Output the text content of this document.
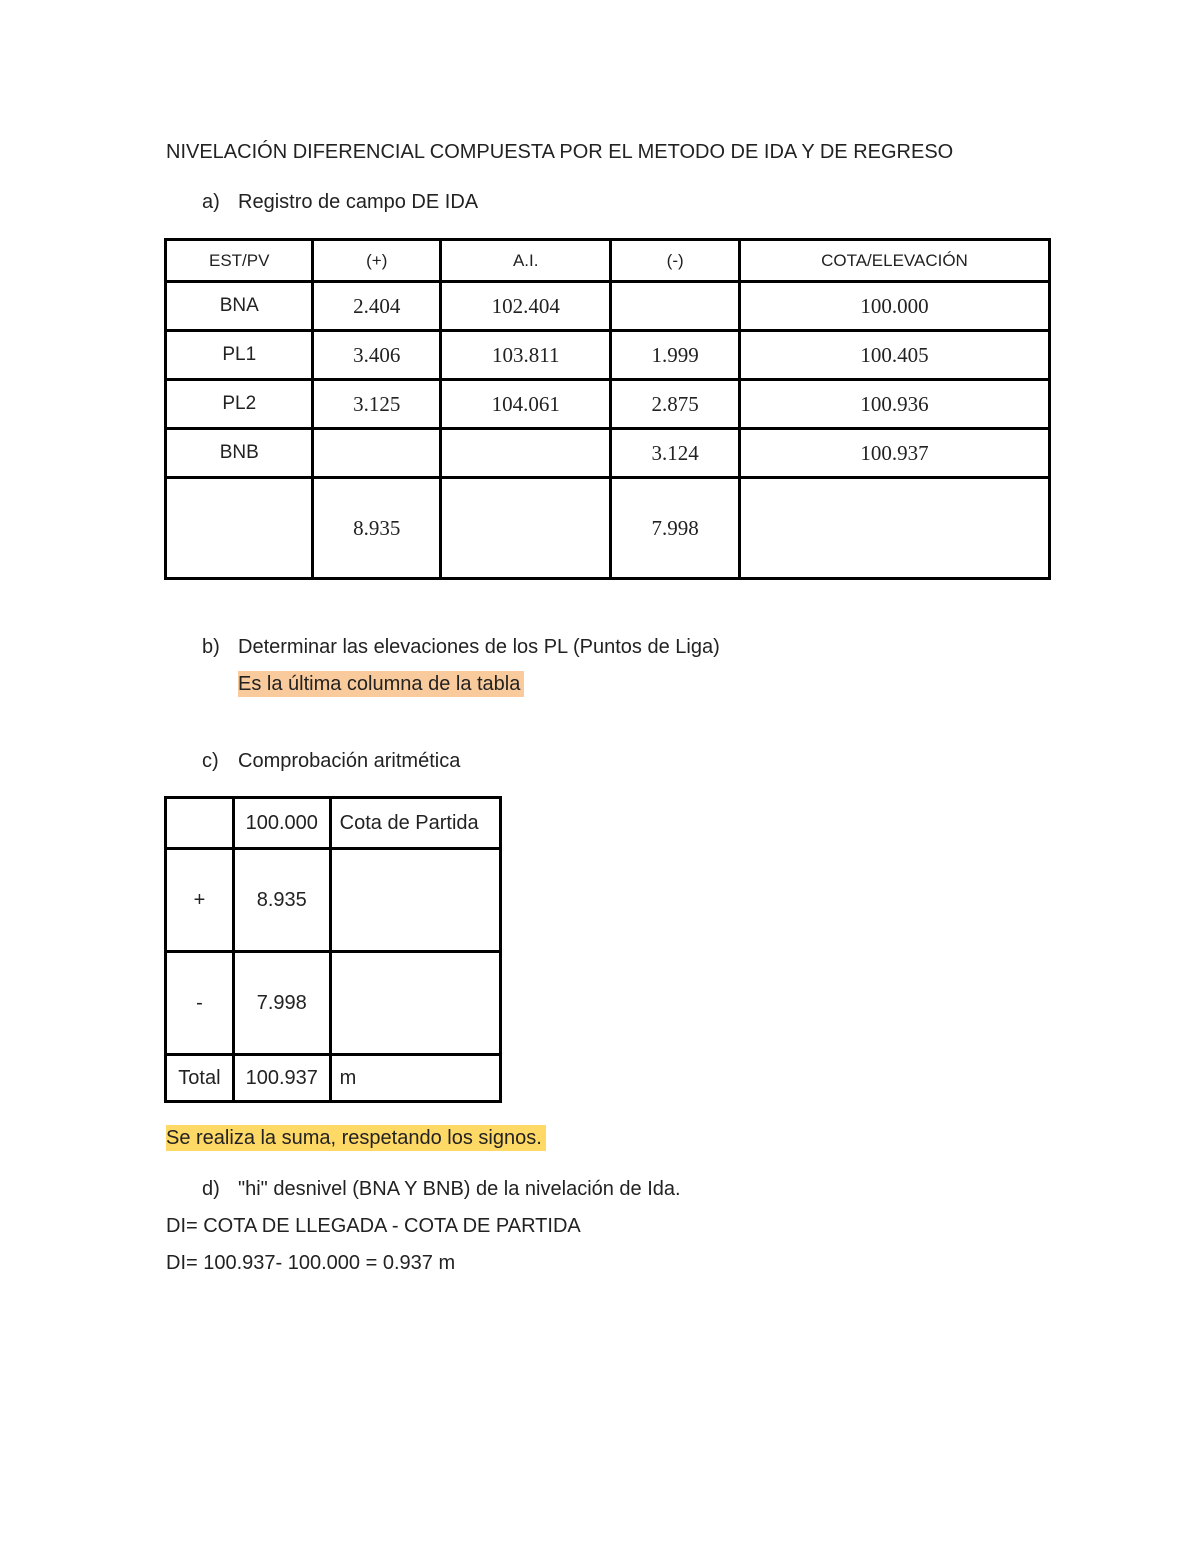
NIVELACIÓN DIFERENCIAL COMPUESTA POR EL METODO DE IDA Y DE REGRESO
a) Registro de campo DE IDA
EST/PV	(+)	A.I.	(-)	COTA/ELEVACIÓN
BNA	2.404	102.404		100.000
PL1	3.406	103.811	1.999	100.405
PL2	3.125	104.061	2.875	100.936
BNB			3.124	100.937
	8.935		7.998	
b) Determinar las elevaciones de los PL (Puntos de Liga)
Es la última columna de la tabla
c) Comprobación aritmética
	100.000	Cota de Partida
+	8.935	
-	7.998	
Total	100.937	m
Se realiza la suma, respetando los signos.
d) "hi" desnivel (BNA Y BNB) de la nivelación de Ida.
DI= COTA DE LLEGADA - COTA DE PARTIDA
DI= 100.937- 100.000 = 0.937 m
